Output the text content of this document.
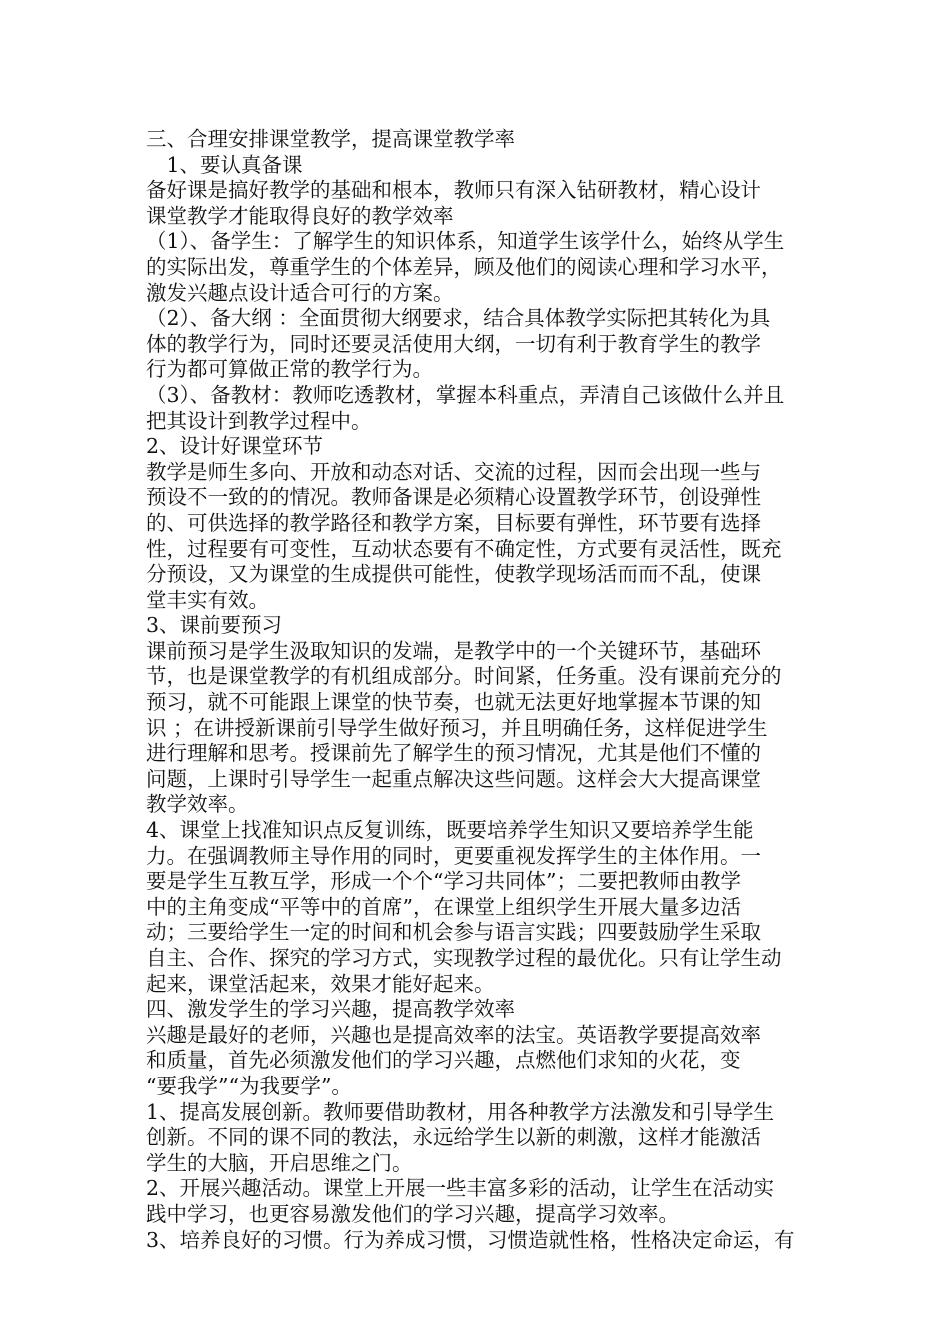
三、合理安排课堂教学，提高课堂教学率
　1、要认真备课
备好课是搞好教学的基础和根本，教师只有深入钻研教材，精心设计
课堂教学才能取得良好的教学效率
（1）、备学生：了解学生的知识体系，知道学生该学什么，始终从学生
的实际出发，尊重学生的个体差异，顾及他们的阅读心理和学习水平，
激发兴趣点设计适合可行的方案。
（2）、备大纲 ：全面贯彻大纲要求，结合具体教学实际把其转化为具
体的教学行为，同时还要灵活使用大纲，一切有利于教育学生的教学
行为都可算做正常的教学行为。
（3）、备教材：教师吃透教材，掌握本科重点，弄清自己该做什么并且
把其设计到教学过程中。
2、设计好课堂环节
教学是师生多向、开放和动态对话、交流的过程，因而会出现一些与
预设不一致的的情况。教师备课是必须精心设置教学环节，创设弹性
的、可供选择的教学路径和教学方案，目标要有弹性，环节要有选择
性，过程要有可变性，互动状态要有不确定性，方式要有灵活性，既充
分预设，又为课堂的生成提供可能性，使教学现场活而而不乱，使课
堂丰实有效。
3、课前要预习
课前预习是学生汲取知识的发端，是教学中的一个关键环节，基础环
节，也是课堂教学的有机组成部分。时间紧，任务重。没有课前充分的
预习，就不可能跟上课堂的快节奏，也就无法更好地掌握本节课的知
识 ；在讲授新课前引导学生做好预习，并且明确任务，这样促进学生
进行理解和思考。授课前先了解学生的预习情况，尤其是他们不懂的
问题，上课时引导学生一起重点解决这些问题。这样会大大提高课堂
教学效率。
4、课堂上找准知识点反复训练，既要培养学生知识又要培养学生能
力。在强调教师主导作用的同时，更要重视发挥学生的主体作用。一
要是学生互教互学，形成一个个“学习共同体”；二要把教师由教学
中的主角变成“平等中的首席”，在课堂上组织学生开展大量多边活
动；三要给学生一定的时间和机会参与语言实践；四要鼓励学生采取
自主、合作、探究的学习方式，实现教学过程的最优化。只有让学生动
起来，课堂活起来，效果才能好起来。
四、激发学生的学习兴趣，提高教学效率
兴趣是最好的老师，兴趣也是提高效率的法宝。英语教学要提高效率
和质量，首先必须激发他们的学习兴趣，点燃他们求知的火花，变
“要我学”“为我要学”。
1、提高发展创新。教师要借助教材，用各种教学方法激发和引导学生
创新。不同的课不同的教法，永远给学生以新的刺激，这样才能激活
学生的大脑，开启思维之门。
2、开展兴趣活动。课堂上开展一些丰富多彩的活动，让学生在活动实
践中学习，也更容易激发他们的学习兴趣，提高学习效率。
3、培养良好的习惯。行为养成习惯，习惯造就性格，性格决定命运，有
